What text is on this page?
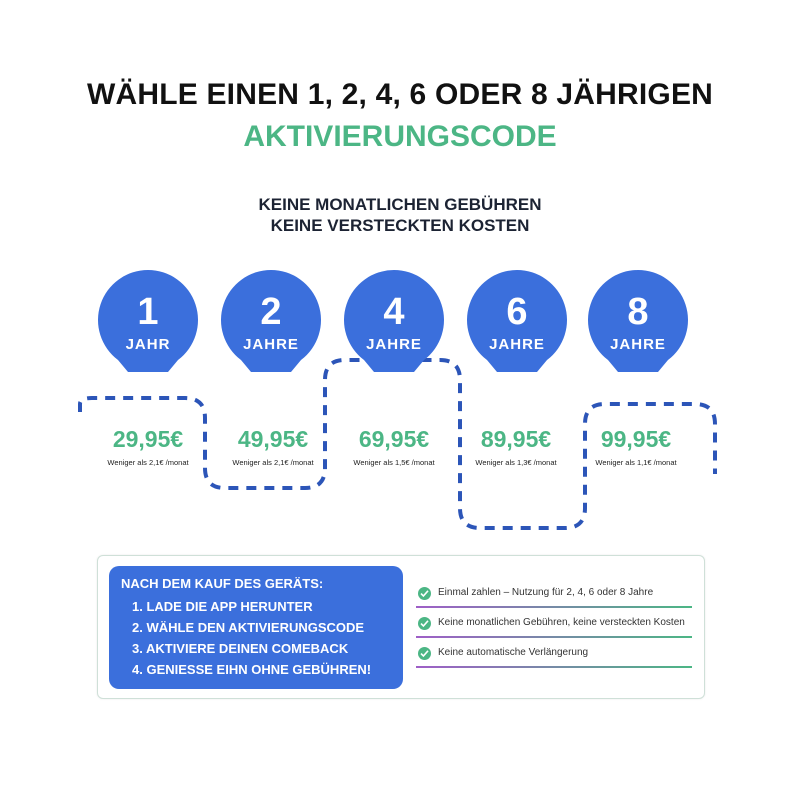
WÄHLE EINEN 1, 2, 4, 6 ODER 8 JÄHRIGEN
AKTIVIERUNGSCODE
KEINE MONATLICHEN GEBÜHREN
KEINE VERSTECKTEN KOSTEN
1
JAHR
29,95€
Weniger als 2,1€ /monat
2
JAHRE
49,95€
Weniger als 2,1€ /monat
4
JAHRE
69,95€
Weniger als 1,5€ /monat
6
JAHRE
89,95€
Weniger als 1,3€ /monat
8
JAHRE
99,95€
Weniger als 1,1€ /monat
NACH DEM KAUF DES GERÄTS:
1. LADE DIE APP HERUNTER
2. WÄHLE DEN AKTIVIERUNGSCODE
3. AKTIVIERE DEINEN COMEBACK
4. GENIESSE EIHN OHNE GEBÜHREN!
Einmal zahlen – Nutzung für 2, 4, 6 oder 8 Jahre
Keine monatlichen Gebühren, keine versteckten Kosten
Keine automatische Verlängerung
